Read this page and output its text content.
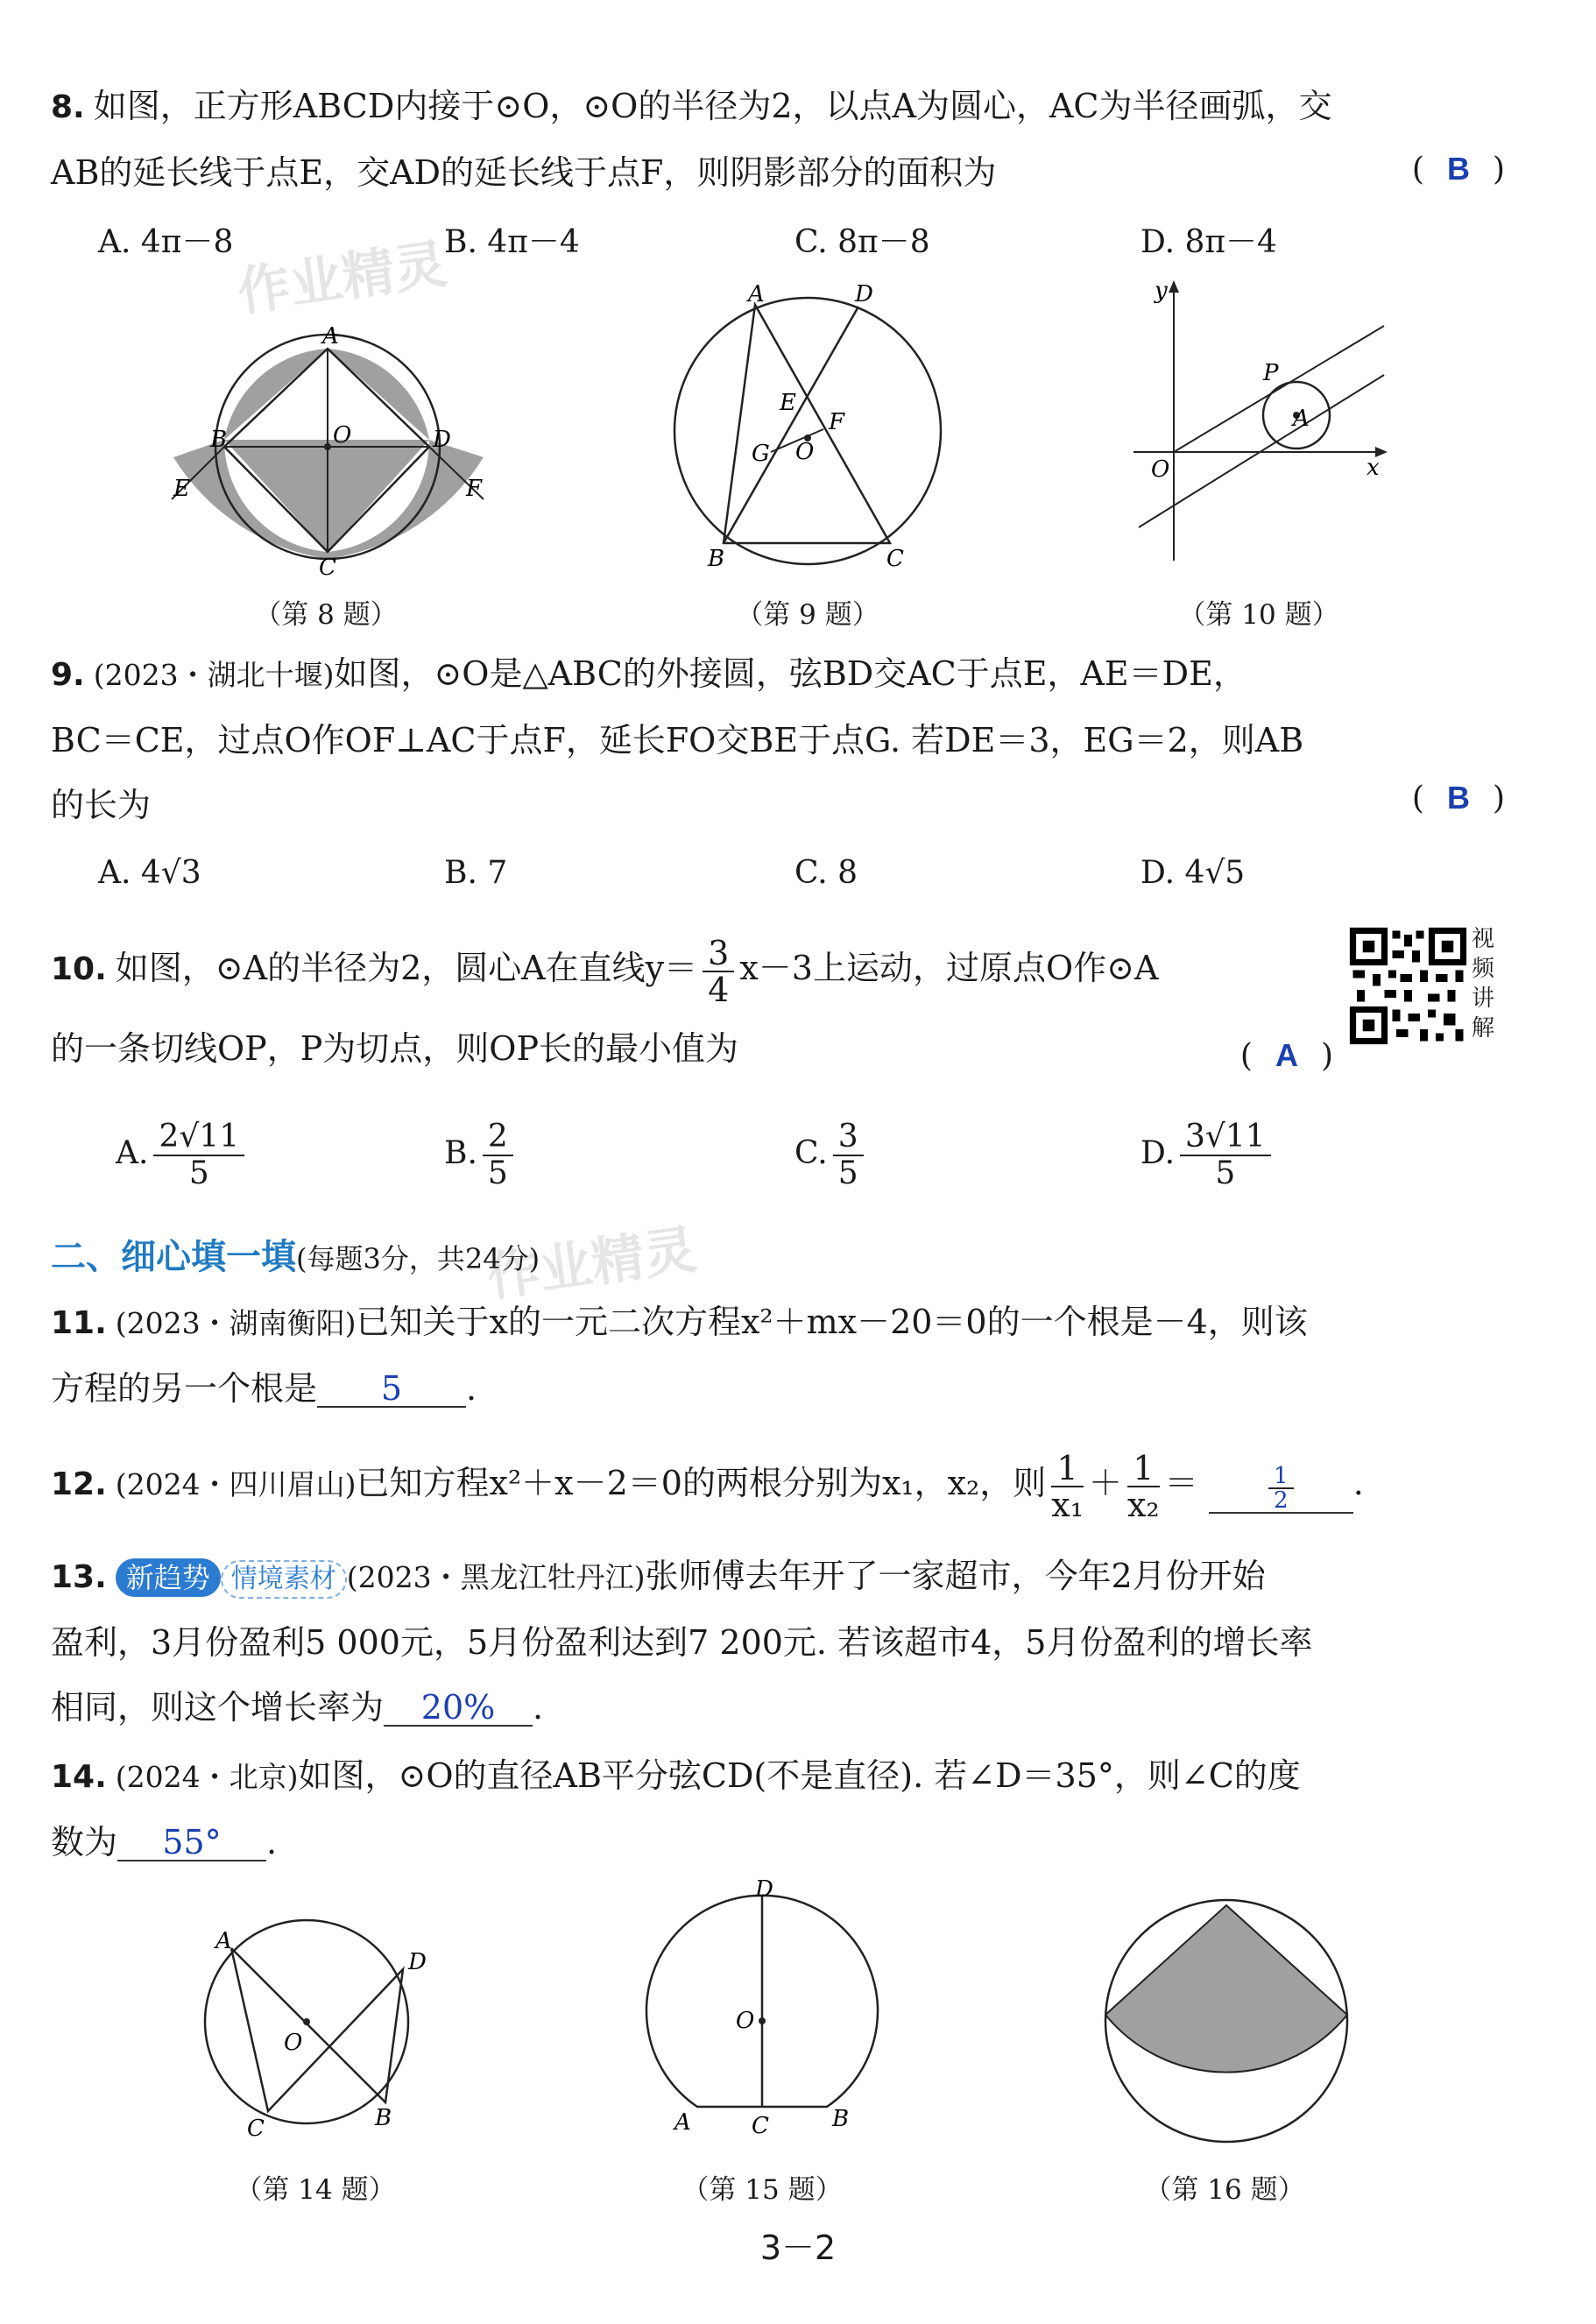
作业精灵
作业精灵
8. 如图，正方形ABCD内接于⊙O，⊙O的半径为2，以点A为圆心，AC为半径画弧，交
AB的延长线于点E，交AD的延长线于点F，则阴影部分的面积为	( B )
A. 4π－8	B. 4π－4	C. 8π－8	D. 8π－4
A
B	O	D
E	F
C
（第 8 题）
A	D
E
F
G O
B	C
（第 9 题）
y
P
A
O	x
（第 10 题）
9. (2023・湖北十堰)如图，⊙O是△ABC的外接圆，弦BD交AC于点E，AE＝DE，
BC＝CE，过点O作OF⊥AC于点F，延长FO交BE于点G. 若DE＝3，EG＝2，则AB
的长为	( B )
A. 4√3	B. 7	C. 8	D. 4√5
10. 如图，⊙A的半径为2，圆心A在直线$y= \frac{3}{4} x-3$上运动，过原点O作⊙A
的一条切线OP，P为切点，则OP长的最小值为	( A )
视频讲解
A. $\frac{2√11}{5}$	B. $\frac{2}{5}$	C. $\frac{3}{5}$	D. $\frac{3√11}{5}$
二、细心填一填(每题3分，共24分)
11. (2023・湖南衡阳)已知关于x的一元二次方程x²＋mx－20＝0的一个根是－4，则该
方程的另一个根是 5 .
12. (2024・四川眉山)已知方程x²＋x－2＝0的两根分别为x₁，x₂，则 $\frac{1}{\text{x₁}} + \frac{1}{\text{x₂}}$ ＝	$\frac{1}{2}$ .
13. 新趋势 情境素材 (2023・黑龙江牡丹江)张师傅去年开了一家超市，今年2月份开始
盈利，3月份盈利5 000元，5月份盈利达到7 200元. 若该超市4，5月份盈利的增长率
相同，则这个增长率为 20% .
14. (2024・北京)如图，⊙O的直径AB平分弦CD(不是直径). 若∠D＝35°，则∠C的度
数为 55° .
A
D
O
C	B
（第 14 题）
D
O
A	C	B
（第 15 题）	（第 16 题）
3－2
